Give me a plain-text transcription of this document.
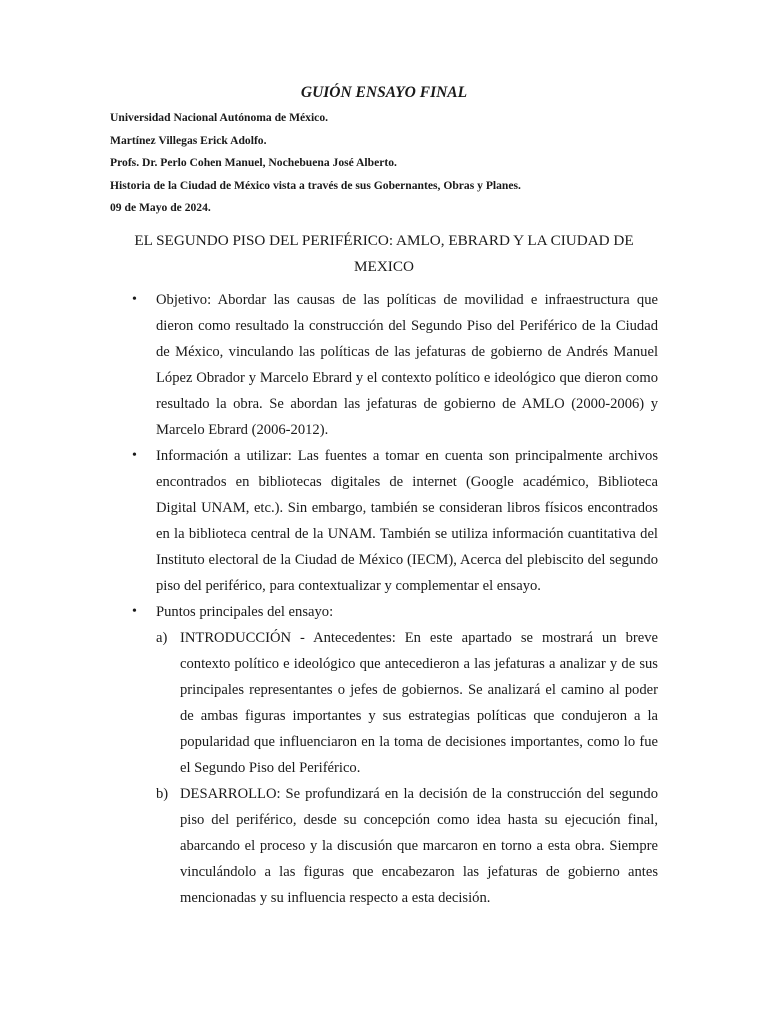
GUIÓN ENSAYO FINAL
Universidad Nacional Autónoma de México.
Martínez Villegas Erick Adolfo.
Profs. Dr. Perlo Cohen Manuel, Nochebuena José Alberto.
Historia de la Ciudad de México vista a través de sus Gobernantes, Obras y Planes.
09 de Mayo de 2024.
EL SEGUNDO PISO DEL PERIFÉRICO: AMLO, EBRARD Y LA CIUDAD DE MEXICO
• Objetivo: Abordar las causas de las políticas de movilidad e infraestructura que dieron como resultado la construcción del Segundo Piso del Periférico de la Ciudad de México, vinculando las políticas de las jefaturas de gobierno de Andrés Manuel López Obrador y Marcelo Ebrard y el contexto político e ideológico que dieron como resultado la obra. Se abordan las jefaturas de gobierno de AMLO (2000-2006) y Marcelo Ebrard (2006-2012).
• Información a utilizar: Las fuentes a tomar en cuenta son principalmente archivos encontrados en bibliotecas digitales de internet (Google académico, Biblioteca Digital UNAM, etc.). Sin embargo, también se consideran libros físicos encontrados en la biblioteca central de la UNAM. También se utiliza información cuantitativa del Instituto electoral de la Ciudad de México (IECM), Acerca del plebiscito del segundo piso del periférico, para contextualizar y complementar el ensayo.
• Puntos principales del ensayo:
a) INTRODUCCIÓN - Antecedentes: En este apartado se mostrará un breve contexto político e ideológico que antecedieron a las jefaturas a analizar y de sus principales representantes o jefes de gobiernos. Se analizará el camino al poder de ambas figuras importantes y sus estrategias políticas que condujeron a la popularidad que influenciaron en la toma de decisiones importantes, como lo fue el Segundo Piso del Periférico.
b) DESARROLLO: Se profundizará en la decisión de la construcción del segundo piso del periférico, desde su concepción como idea hasta su ejecución final, abarcando el proceso y la discusión que marcaron en torno a esta obra. Siempre vinculándolo a las figuras que encabezaron las jefaturas de gobierno antes mencionadas y su influencia respecto a esta decisión.
